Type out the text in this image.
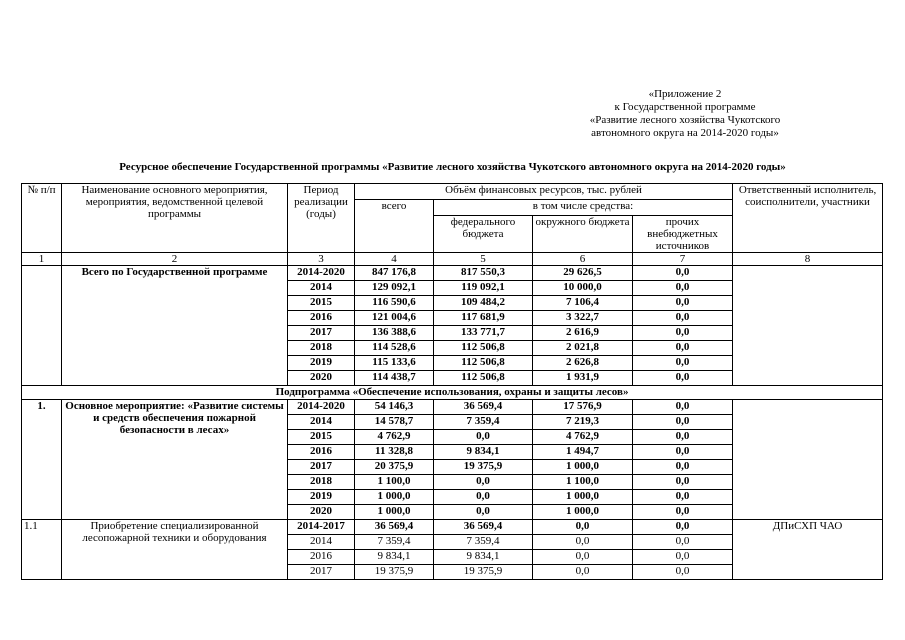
«Приложение 2
к Государственной программе
«Развитие лесного хозяйства Чукотского
автономного округа на 2014-2020 годы»
Ресурсное обеспечение Государственной программы «Развитие лесного хозяйства Чукотского автономного округа на 2014-2020 годы»
№ п/п	Наименование основного мероприятия, мероприятия, ведомственной целевой программы	Период реализации (годы)	Объём финансовых ресурсов, тыс. рублей				Ответственный исполнитель, соисполнители, участники
			всего	в том числе средства:			
				федерального бюджета	окружного бюджета	прочих внебюджетных источников	
1	2	3	4	5	6	7	8
	Всего по Государственной программе	2014-2020	847 176,8	817 550,3	29 626,5	0,0	
		2014	129 092,1	119 092,1	10 000,0	0,0	
		2015	116 590,6	109 484,2	7 106,4	0,0	
		2016	121 004,6	117 681,9	3 322,7	0,0	
		2017	136 388,6	133 771,7	2 616,9	0,0	
		2018	114 528,6	112 506,8	2 021,8	0,0	
		2019	115 133,6	112 506,8	2 626,8	0,0	
		2020	114 438,7	112 506,8	1 931,9	0,0	
Подпрограмма «Обеспечение использования, охраны и защиты лесов»							
1.	Основное мероприятие: «Развитие системы и средств обеспечения пожарной безопасности в лесах»	2014-2020	54 146,3	36 569,4	17 576,9	0,0	
		2014	14 578,7	7 359,4	7 219,3	0,0	
		2015	4 762,9	0,0	4 762,9	0,0	
		2016	11 328,8	9 834,1	1 494,7	0,0	
		2017	20 375,9	19 375,9	1 000,0	0,0	
		2018	1 100,0	0,0	1 100,0	0,0	
		2019	1 000,0	0,0	1 000,0	0,0	
		2020	1 000,0	0,0	1 000,0	0,0	
1.1	Приобретение специализированной лесопожарной техники и оборудования	2014-2017	36 569,4	36 569,4	0,0	0,0	ДПиСХП ЧАО
		2014	7 359,4	7 359,4	0,0	0,0	
		2016	9 834,1	9 834,1	0,0	0,0	
		2017	19 375,9	19 375,9	0,0	0,0	
